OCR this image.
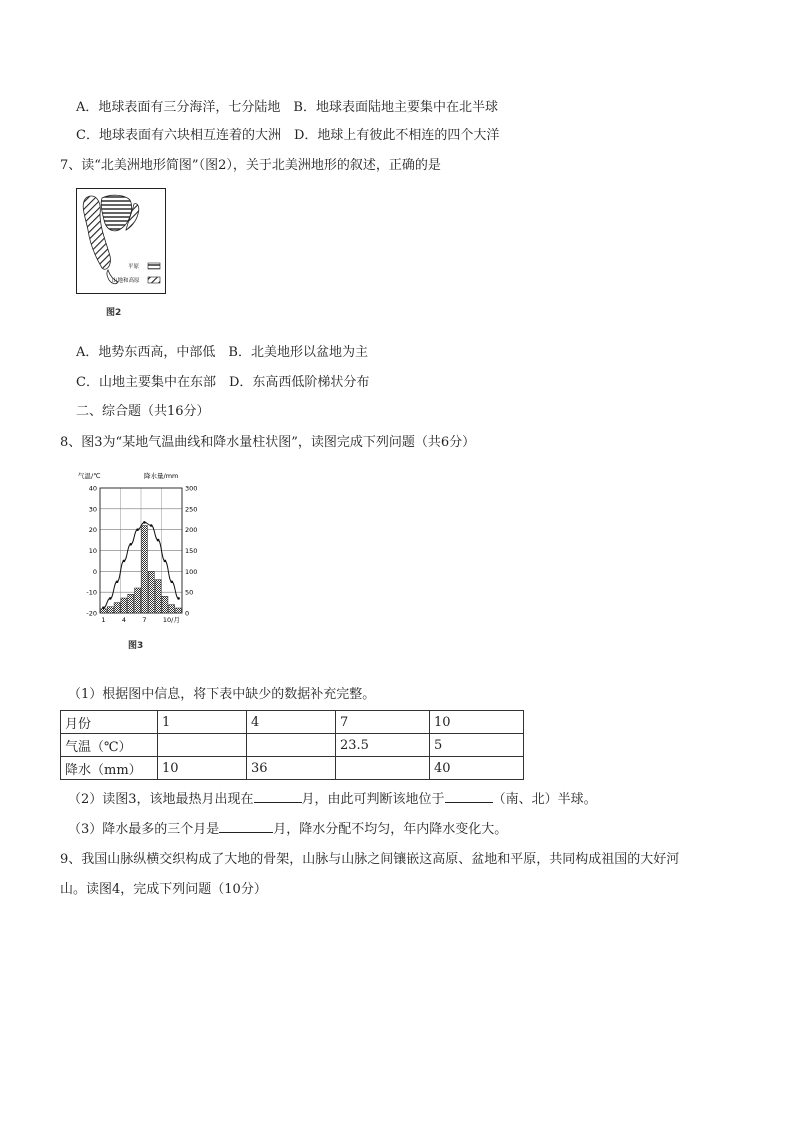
A．地球表面有三分海洋，七分陆地　B．地球表面陆地主要集中在北半球
C．地球表面有六块相互连着的大洲　D．地球上有彼此不相连的四个大洋
7、读“北美洲地形简图”（图2），关于北美洲地形的叙述，正确的是
平原
山地和高原
图2
A．地势东西高，中部低　B．北美地形以盆地为主
C．山地主要集中在东部　D．东高西低阶梯状分布
二、综合题（共16分）
8、图3为“某地气温曲线和降水量柱状图”，读图完成下列问题（共6分）
气温/℃	降水量/mm
40
30
20
10
0
-10
-20
300
250
200
150
100
50
0
1	4	7	10/月
图3
（1）根据图中信息，将下表中缺少的数据补充完整。
月份	1	4	7	10
气温（℃）			23.5	5
降水（mm）	10	36		40
（2）读图3，该地最热月出现在	月，由此可判断该地位于	（南、北）半球。
（3）降水最多的三个月是	月，降水分配不均匀，年内降水变化大。
9、我国山脉纵横交织构成了大地的骨架，山脉与山脉之间镶嵌这高原、盆地和平原，共同构成祖国的大好河
山。读图4，完成下列问题（10分）
